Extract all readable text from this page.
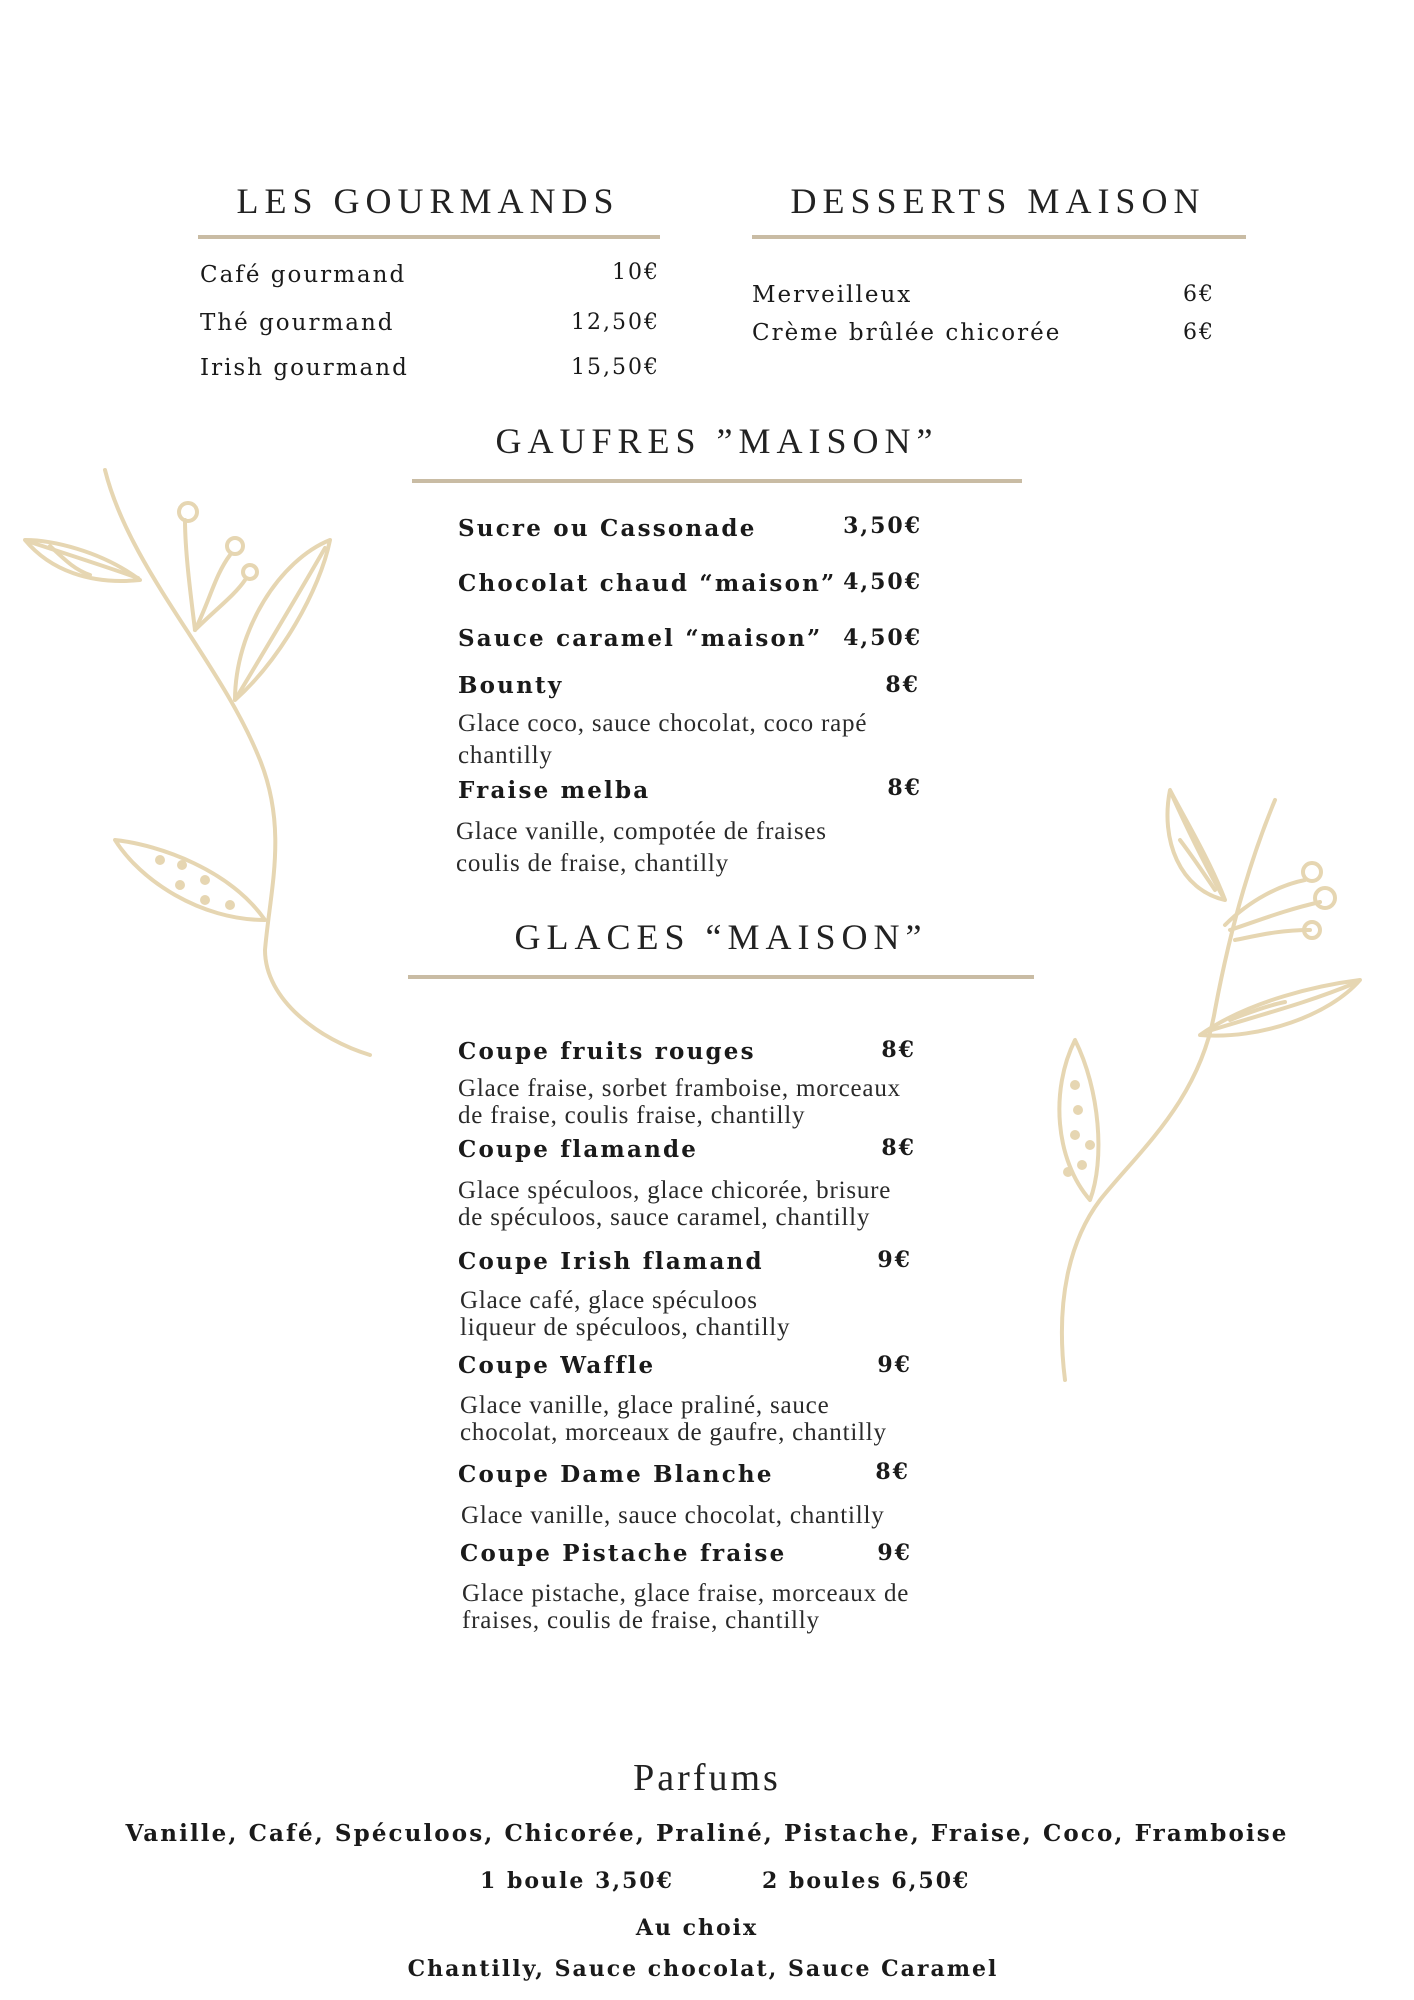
LES GOURMANDS
Café gourmand	10€
Thé gourmand	12,50€
Irish gourmand	15,50€
DESSERTS MAISON
Merveilleux	6€
Crème brûlée chicorée	6€
GAUFRES ”MAISON”
Sucre ou Cassonade	3,50€
Chocolat chaud “maison” 4,50€
Sauce caramel “maison” 4,50€
Bounty	8€
Glace coco, sauce chocolat, coco rapé
chantilly
Fraise melba	8€
Glace vanille, compotée de fraises
coulis de fraise, chantilly
GLACES “MAISON”
Coupe fruits rouges	8€
Glace fraise, sorbet framboise, morceaux
de fraise, coulis fraise, chantilly
Coupe flamande	8€
Glace spéculoos, glace chicorée, brisure
de spéculoos, sauce caramel, chantilly
Coupe Irish flamand	9€
Glace café, glace spéculoos
liqueur de spéculoos, chantilly
Coupe Waffle	9€
Glace vanille, glace praliné, sauce
chocolat, morceaux de gaufre, chantilly
Coupe Dame Blanche	8€
Glace vanille, sauce chocolat, chantilly
Coupe Pistache fraise	9€
Glace pistache, glace fraise, morceaux de
fraises, coulis de fraise, chantilly
Parfums
Vanille, Café, Spéculoos, Chicorée, Praliné, Pistache, Fraise, Coco, Framboise
1 boule 3,50€	2 boules 6,50€
Au choix
Chantilly, Sauce chocolat, Sauce Caramel
